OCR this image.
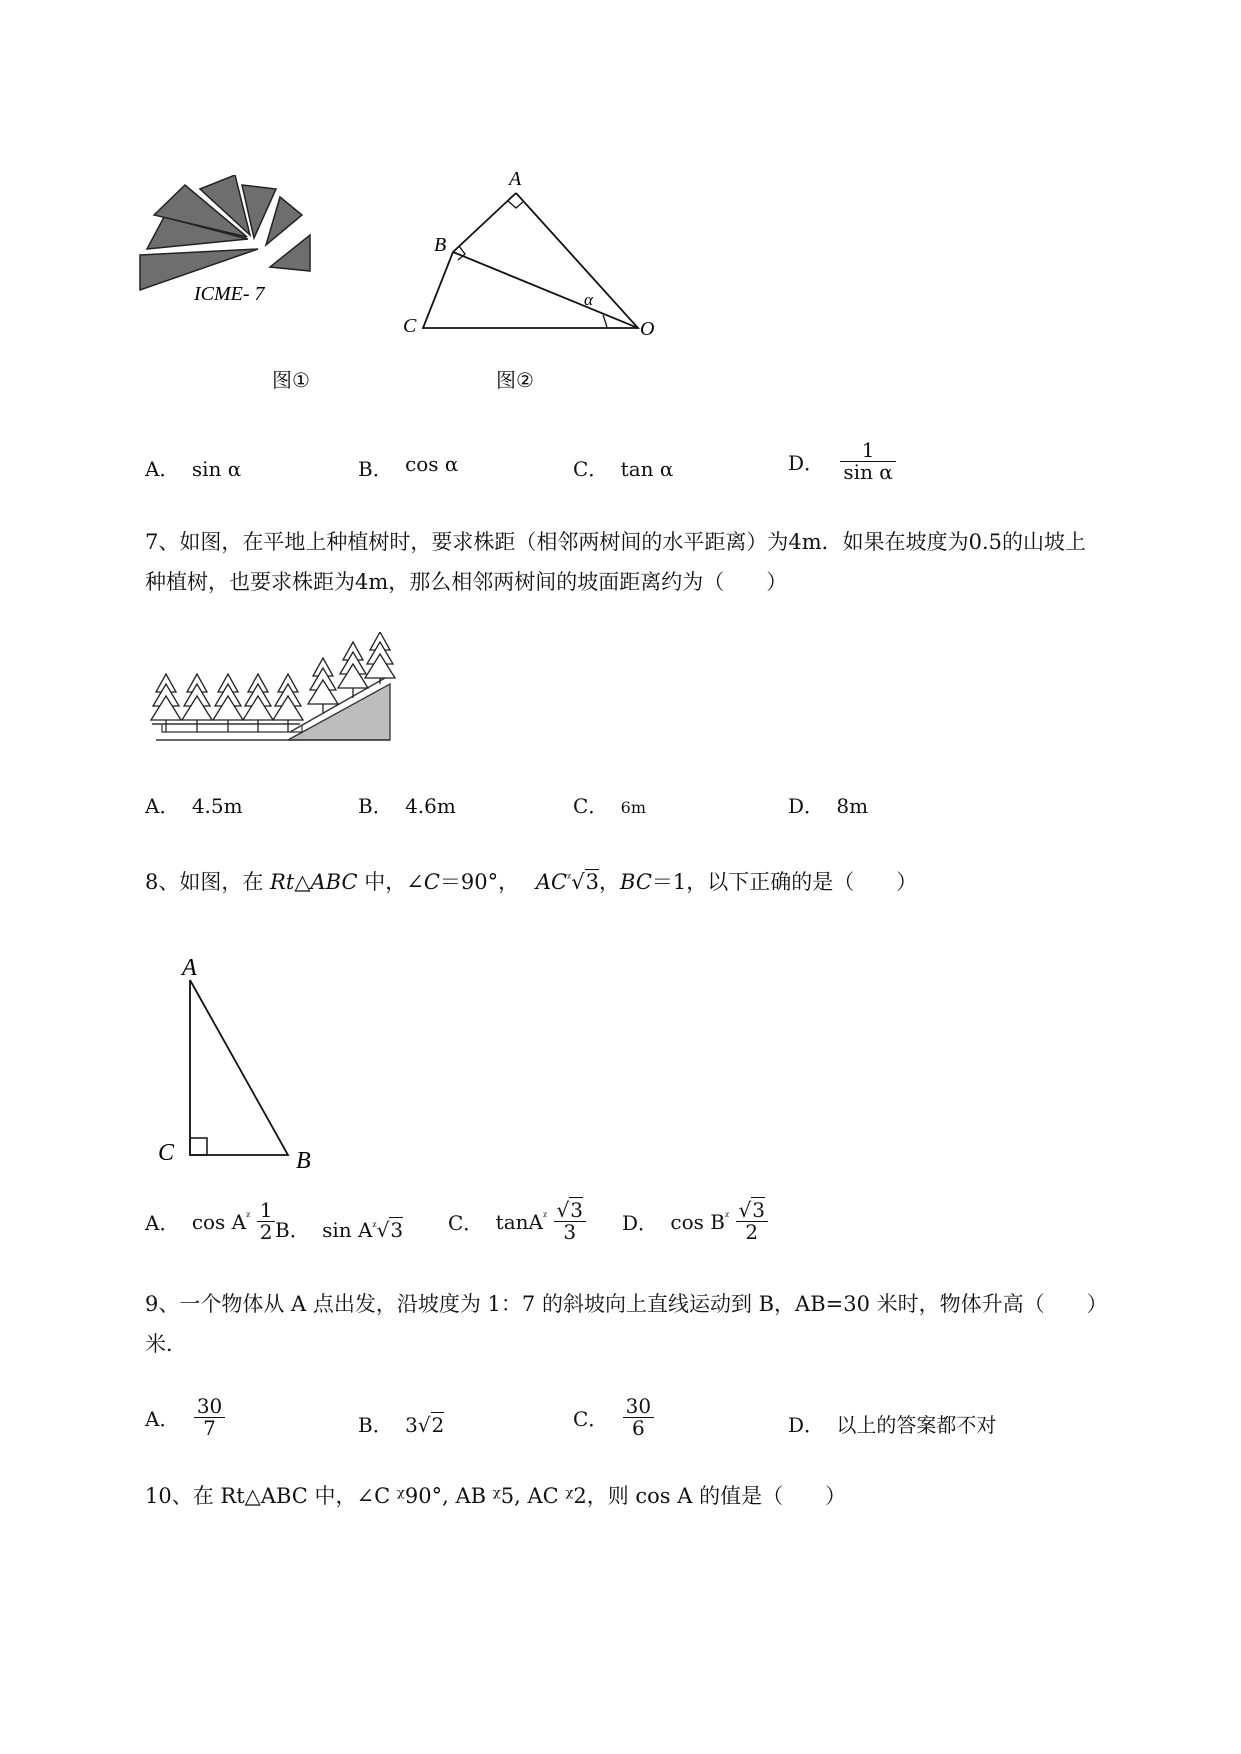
ICME- 7
图①
A
B
C	O
α
图②
A． sin α	B． cos α	C． tan α	D． $\frac{1}{\text{sin α}}$
7、如图，在平地上种植树时，要求株距（相邻两树间的水平距离）为4m．如果在坡度为0.5的山坡上
种植树，也要求株距为4m，那么相邻两树间的坡面距离约为（　　）
A． 4.5m	B． 4.6m	C． 6m	D． 8m
8、如图，在 Rt△ABC 中，∠C＝90°， $AC^ᵡ√3$，BC＝1，以下正确的是（　　）
A
C	B
A． $\cos A^ᵡ \frac{1}{2}$ B． $\sin A^ᵡ√3$ C． $\tan A^ᵡ \frac{√3}{3}$ D． $\cos B^ᵡ \frac{√3}{2}$
9、一个物体从 A 点出发，沿坡度为 1：7 的斜坡向上直线运动到 B，AB=30 米时，物体升高（　　）
米．
A． $\frac{30}{7}$	B． 3√2	C． $\frac{30}{6}$	D． 以上的答案都不对
10、在 Rt△ABC 中，∠C ᵡ90°, AB ᵡ5, AC ᵡ2，则 cos A 的值是（　　）
